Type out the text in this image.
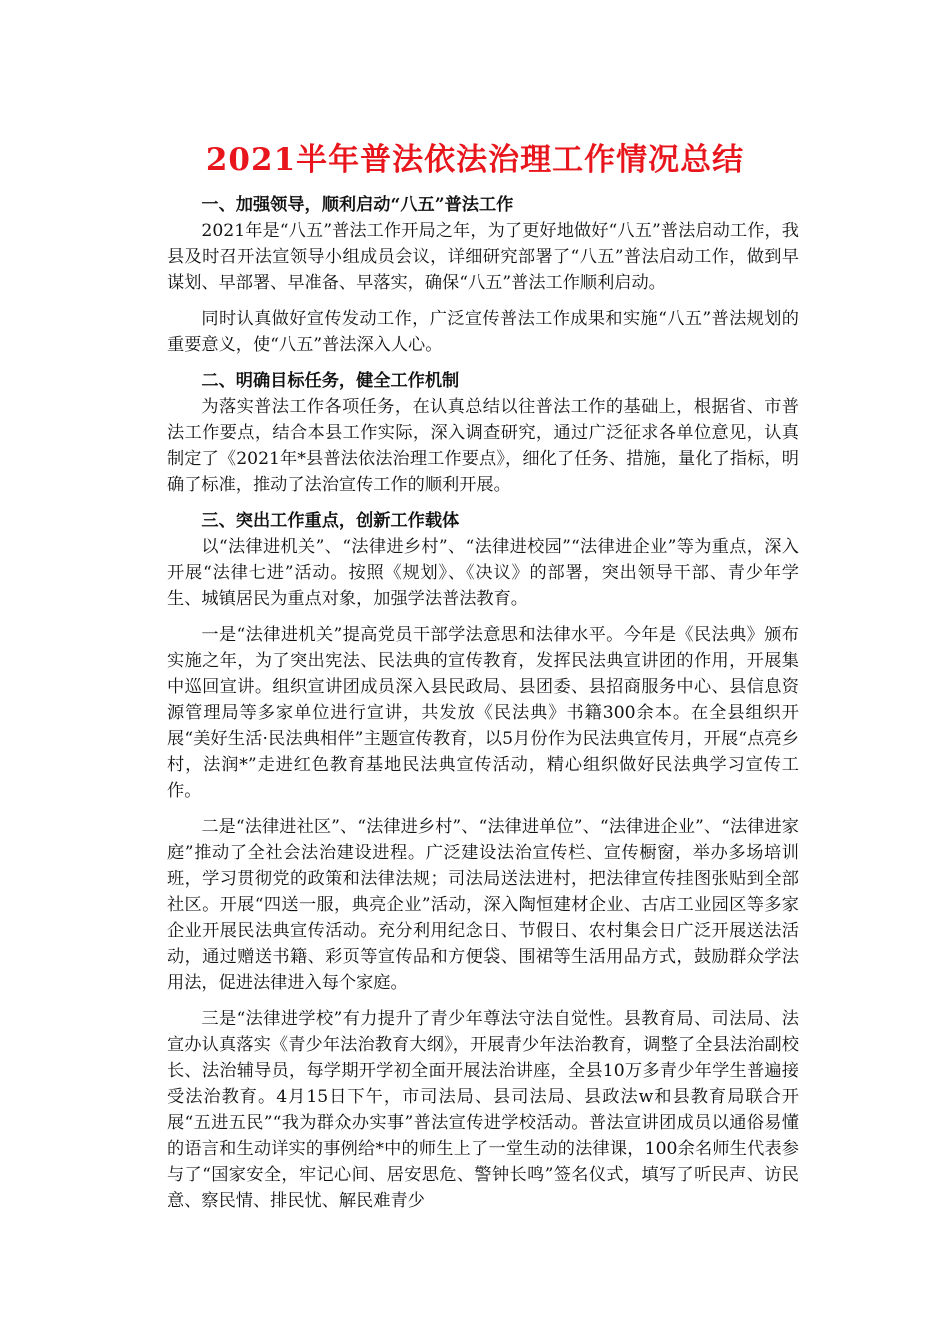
2021半年普法依法治理工作情况总结

一、加强领导，顺利启动“八五”普法工作

2021年是“八五”普法工作开局之年，为了更好地做好“八五”普法启动工作，我县及时召开法宣领导小组成员会议，详细研究部署了“八五”普法启动工作，做到早谋划、早部署、早准备、早落实，确保“八五”普法工作顺利启动。

同时认真做好宣传发动工作，广泛宣传普法工作成果和实施“八五”普法规划的重要意义，使“八五”普法深入人心。

二、明确目标任务，健全工作机制

为落实普法工作各项任务，在认真总结以往普法工作的基础上，根据省、市普法工作要点，结合本县工作实际，深入调查研究，通过广泛征求各单位意见，认真制定了《2021年*县普法依法治理工作要点》，细化了任务、措施，量化了指标，明确了标准，推动了法治宣传工作的顺利开展。

三、突出工作重点，创新工作载体

以“法律进机关”、“法律进乡村”、“法律进校园”“法律进企业”等为重点，深入开展“法律七进”活动。按照《规划》、《决议》的部署，突出领导干部、青少年学生、城镇居民为重点对象，加强学法普法教育。

一是“法律进机关”提高党员干部学法意思和法律水平。今年是《民法典》颁布实施之年，为了突出宪法、民法典的宣传教育，发挥民法典宣讲团的作用，开展集中巡回宣讲。组织宣讲团成员深入县民政局、县团委、县招商服务中心、县信息资源管理局等多家单位进行宣讲，共发放《民法典》书籍300余本。在全县组织开展“美好生活·民法典相伴”主题宣传教育，以5月份作为民法典宣传月，开展“点亮乡村，法润*”走进红色教育基地民法典宣传活动，精心组织做好民法典学习宣传工作。

二是“法律进社区”、“法律进乡村”、“法律进单位”、“法律进企业”、“法律进家庭”推动了全社会法治建设进程。广泛建设法治宣传栏、宣传橱窗，举办多场培训班，学习贯彻党的政策和法律法规；司法局送法进村，把法律宣传挂图张贴到全部社区。开展“四送一服，典亮企业”活动，深入陶恒建材企业、古店工业园区等多家企业开展民法典宣传活动。充分利用纪念日、节假日、农村集会日广泛开展送法活动，通过赠送书籍、彩页等宣传品和方便袋、围裙等生活用品方式，鼓励群众学法用法，促进法律进入每个家庭。

三是“法律进学校”有力提升了青少年尊法守法自觉性。县教育局、司法局、法宣办认真落实《青少年法治教育大纲》，开展青少年法治教育，调整了全县法治副校长、法治辅导员，每学期开学初全面开展法治讲座，全县10万多青少年学生普遍接受法治教育。4月15日下午，市司法局、县司法局、县政法w和县教育局联合开展“五进五民”“我为群众办实事”普法宣传进学校活动。普法宣讲团成员以通俗易懂的语言和生动详实的事例给*中的师生上了一堂生动的法律课，100余名师生代表参与了“国家安全，牢记心间、居安思危、警钟长鸣”签名仪式，填写了听民声、访民意、察民情、排民忧、解民难青少
